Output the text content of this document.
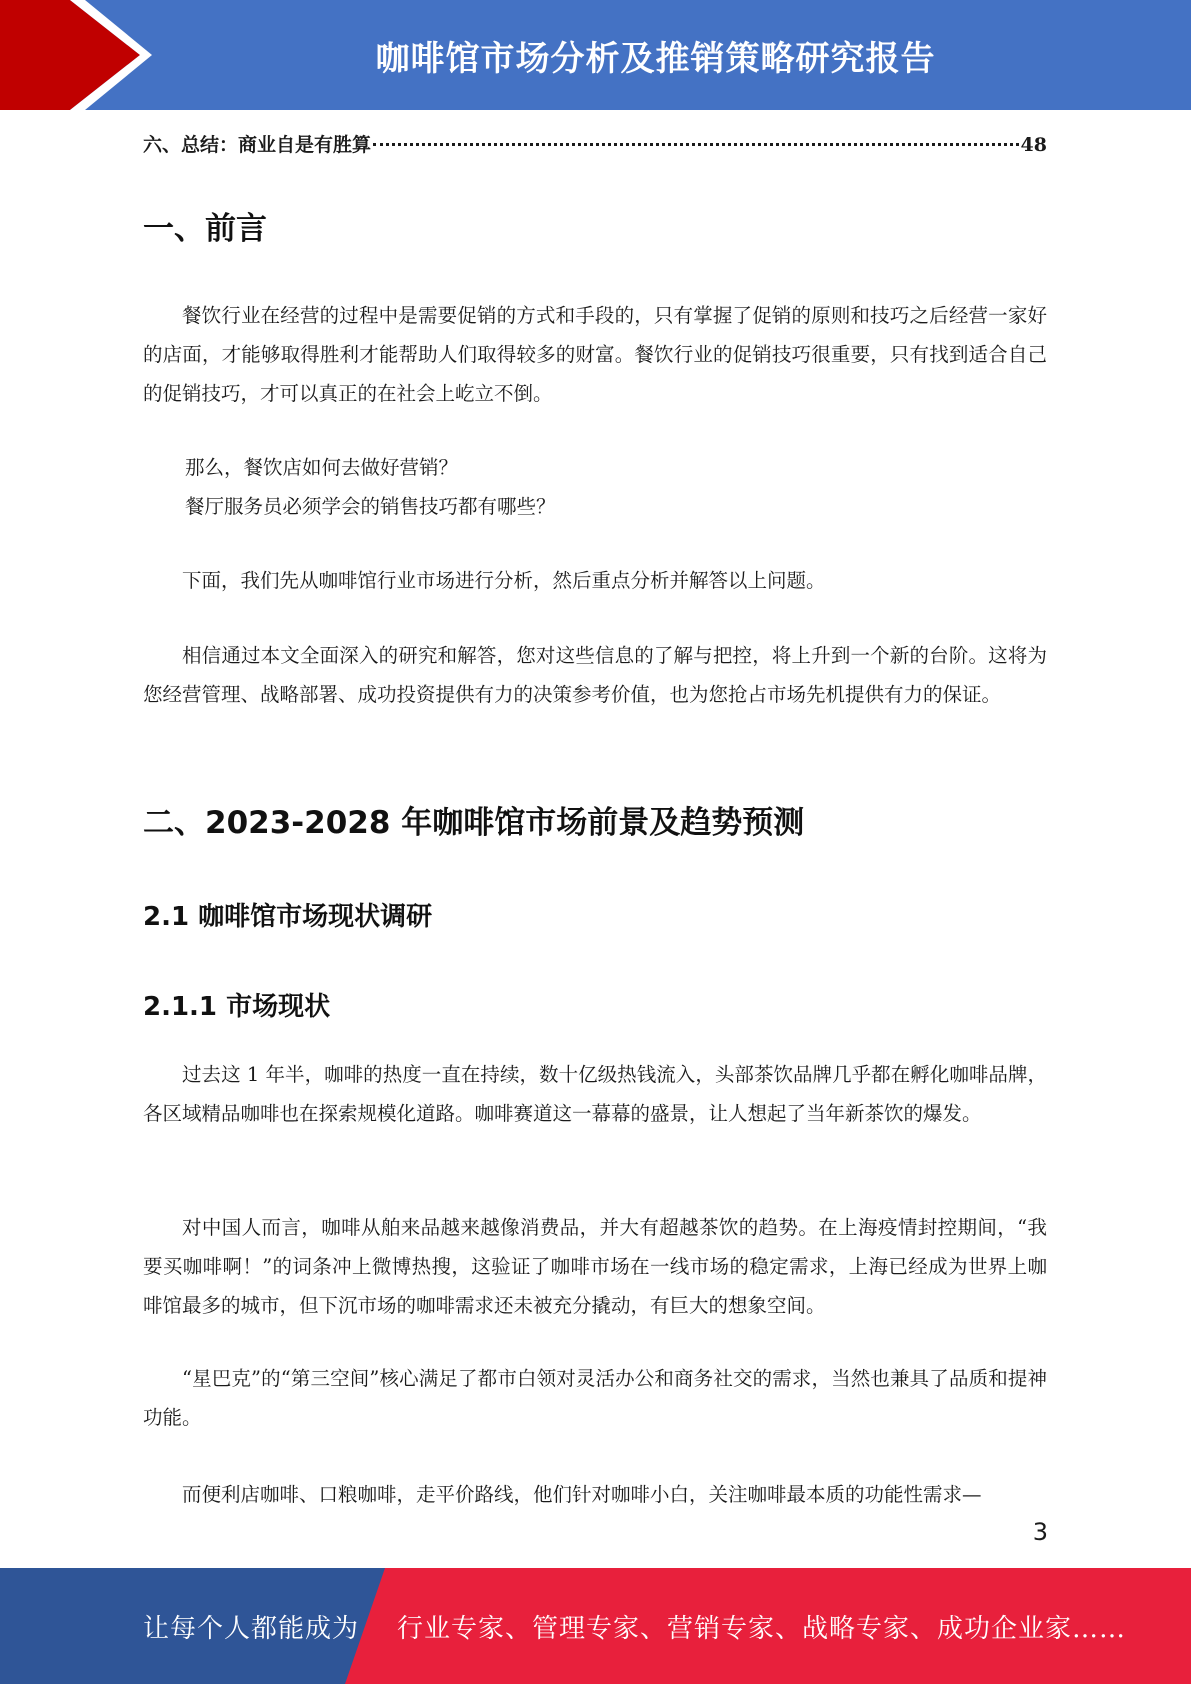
咖啡馆市场分析及推销策略研究报告
六、总结：商业自是有胜算	48
一、前言

餐饮行业在经营的过程中是需要促销的方式和手段的，只有掌握了促销的原则和技巧之后经营一家好的店面，才能够取得胜利才能帮助人们取得较多的财富。餐饮行业的促销技巧很重要，只有找到适合自己的促销技巧，才可以真正的在社会上屹立不倒。

那么，餐饮店如何去做好营销？
餐厅服务员必须学会的销售技巧都有哪些？

下面，我们先从咖啡馆行业市场进行分析，然后重点分析并解答以上问题。

相信通过本文全面深入的研究和解答，您对这些信息的了解与把控，将上升到一个新的台阶。这将为您经营管理、战略部署、成功投资提供有力的决策参考价值，也为您抢占市场先机提供有力的保证。

二、2023-2028 年咖啡馆市场前景及趋势预测
2.1 咖啡馆市场现状调研
2.1.1 市场现状

过去这 1 年半，咖啡的热度一直在持续，数十亿级热钱流入，头部茶饮品牌几乎都在孵化咖啡品牌，各区域精品咖啡也在探索规模化道路。咖啡赛道这一幕幕的盛景，让人想起了当年新茶饮的爆发。

对中国人而言，咖啡从舶来品越来越像消费品，并大有超越茶饮的趋势。在上海疫情封控期间，“我要买咖啡啊！”的词条冲上微博热搜，这验证了咖啡市场在一线市场的稳定需求，上海已经成为世界上咖啡馆最多的城市，但下沉市场的咖啡需求还未被充分撬动，有巨大的想象空间。

“星巴克”的“第三空间”核心满足了都市白领对灵活办公和商务社交的需求，当然也兼具了品质和提神功能。

而便利店咖啡、口粮咖啡，走平价路线，他们针对咖啡小白，关注咖啡最本质的功能性需求—

3
让每个人都能成为 行业专家、管理专家、营销专家、战略专家、成功企业家……
